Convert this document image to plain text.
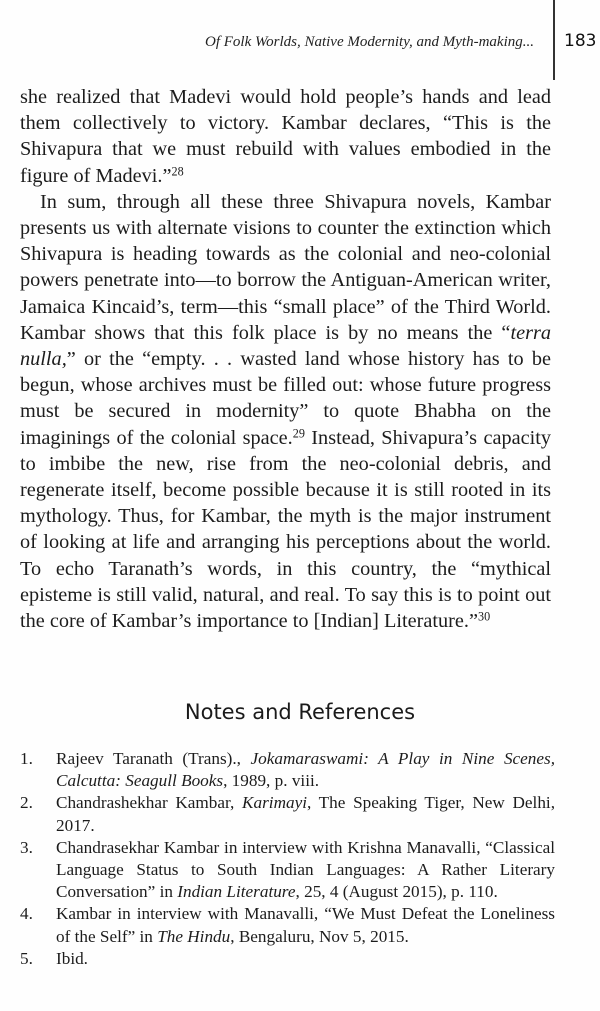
Of Folk Worlds, Native Modernity, and Myth-making... 183

she realized that Madevi would hold people’s hands and lead them collectively to victory. Kambar declares, “This is the Shivapura that we must rebuild with values embodied in the figure of Madevi.”$^{28}$

In sum, through all these three Shivapura novels, Kambar presents us with alternate visions to counter the extinction which Shivapura is heading towards as the colonial and neo-colonial powers penetrate into—to borrow the Antiguan-American writer, Jamaica Kincaid’s, term—this “small place” of the Third World. Kambar shows that this folk place is by no means the “terra nulla,” or the “empty. . . wasted land whose history has to be begun, whose archives must be filled out: whose future progress must be secured in modernity” to quote Bhabha on the imaginings of the colonial space.$^{29}$ Instead, Shivapura’s capacity to imbibe the new, rise from the neo-colonial debris, and regenerate itself, become possible because it is still rooted in its mythology. Thus, for Kambar, the myth is the major instrument of looking at life and arranging his perceptions about the world. To echo Taranath’s words, in this country, the “mythical episteme is still valid, natural, and real. To say this is to point out the core of Kambar’s importance to [Indian] Literature.”$^{30}$

Notes and References
1.	Rajeev Taranath (Trans)., Jokamaraswami: A Play in Nine Scenes, Calcutta: Seagull Books, 1989, p. viii.
2.	Chandrashekhar Kambar, Karimayi, The Speaking Tiger, New Delhi, 2017.
3.	Chandrasekhar Kambar in interview with Krishna Manavalli, “Classical Language Status to South Indian Languages: A Rather Literary Conversation” in Indian Literature, 25, 4 (August 2015), p. 110.
4.	Kambar in interview with Manavalli, “We Must Defeat the Loneliness of the Self” in The Hindu, Bengaluru, Nov 5, 2015.
5.	Ibid.
